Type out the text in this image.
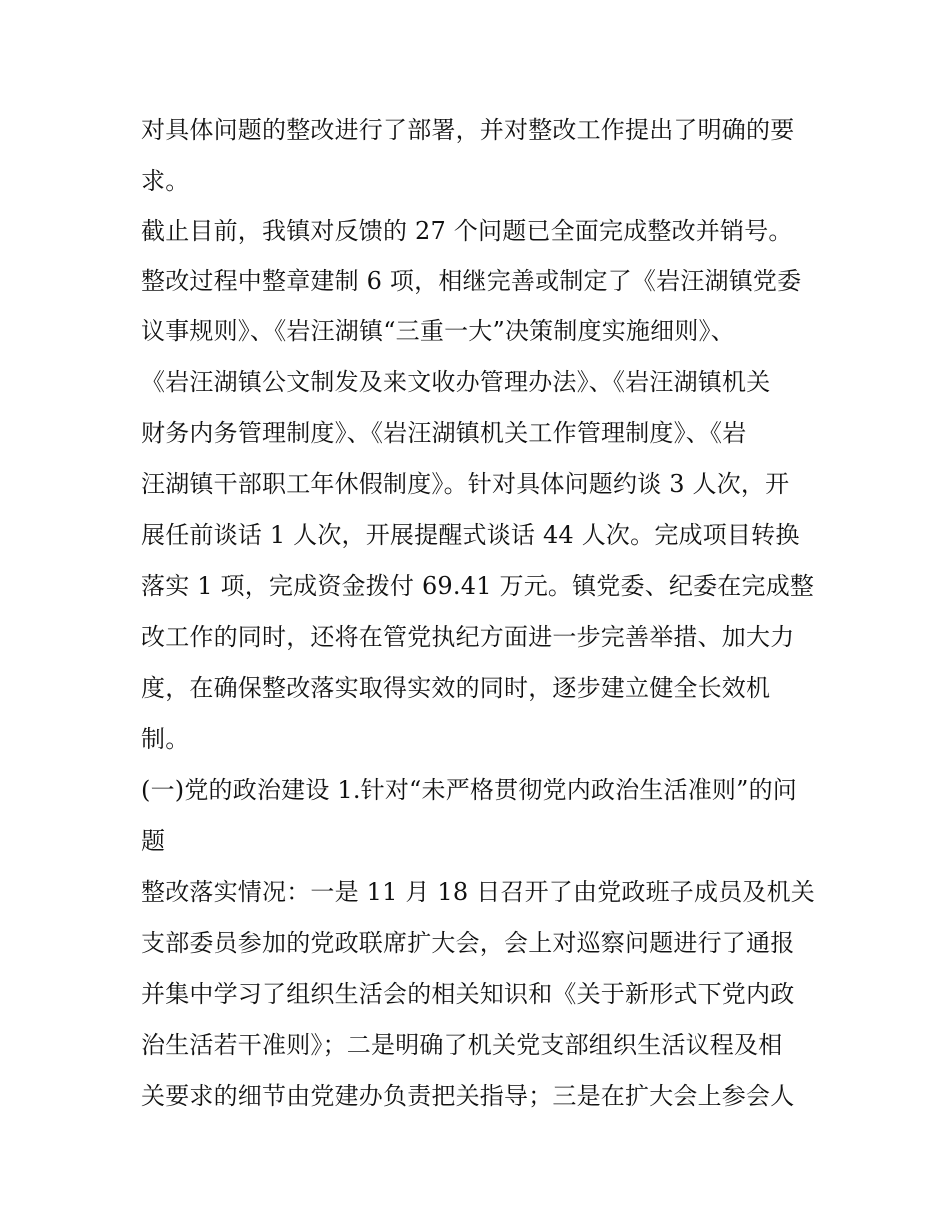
对具体问题的整改进行了部署，并对整改工作提出了明确的要
求。
截止目前，我镇对反馈的 27 个问题已全面完成整改并销号。
整改过程中整章建制 6 项，相继完善或制定了《岩汪湖镇党委
议事规则》、《岩汪湖镇“三重一大”决策制度实施细则》、
《岩汪湖镇公文制发及来文收办管理办法》、《岩汪湖镇机关
财务内务管理制度》、《岩汪湖镇机关工作管理制度》、《岩
汪湖镇干部职工年休假制度》。针对具体问题约谈 3 人次，开
展任前谈话 1 人次，开展提醒式谈话 44 人次。完成项目转换
落实 1 项，完成资金拨付 69.41 万元。镇党委、纪委在完成整
改工作的同时，还将在管党执纪方面进一步完善举措、加大力
度，在确保整改落实取得实效的同时，逐步建立健全长效机
制。
(一)党的政治建设 1.针对“未严格贯彻党内政治生活准则”的问
题
整改落实情况：一是 11 月 18 日召开了由党政班子成员及机关
支部委员参加的党政联席扩大会，会上对巡察问题进行了通报
并集中学习了组织生活会的相关知识和《关于新形式下党内政
治生活若干准则》；二是明确了机关党支部组织生活议程及相
关要求的细节由党建办负责把关指导；三是在扩大会上参会人
